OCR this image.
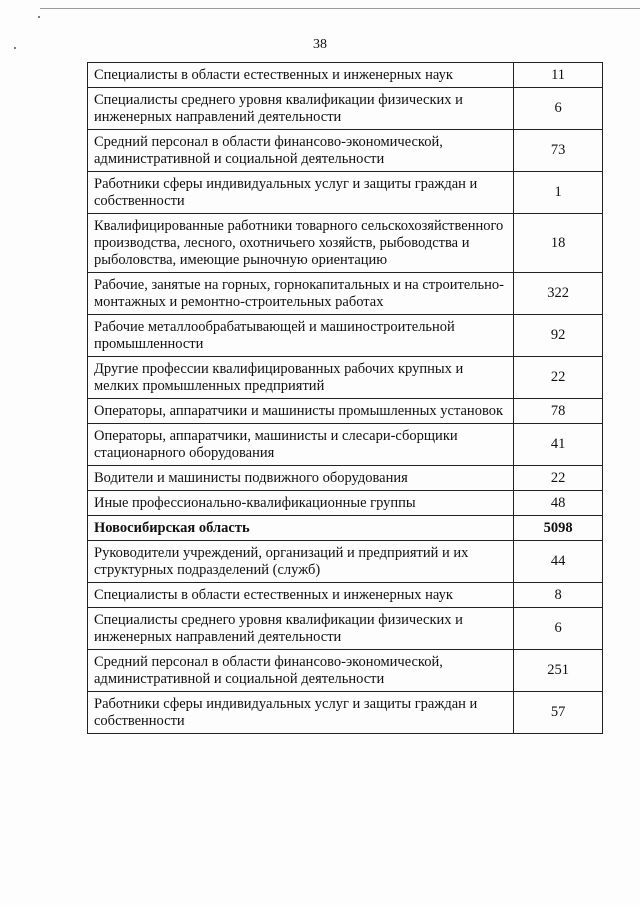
38
Специалисты в области естественных и инженерных наук	11
Специалисты среднего уровня квалификации физических и инженерных направлений деятельности	6
Средний персонал в области финансово-экономической, административной и социальной деятельности	73
Работники сферы индивидуальных услуг и защиты граждан и собственности	1
Квалифицированные работники товарного сельскохозяйственного производства, лесного, охотничьего хозяйств, рыбоводства и рыболовства, имеющие рыночную ориентацию	18
Рабочие, занятые на горных, горнокапитальных и на строительно-монтажных и ремонтно-строительных работах	322
Рабочие металлообрабатывающей и машиностроительной промышленности	92
Другие профессии квалифицированных рабочих крупных и мелких промышленных предприятий	22
Операторы, аппаратчики и машинисты промышленных установок	78
Операторы, аппаратчики, машинисты и слесари-сборщики стационарного оборудования	41
Водители и машинисты подвижного оборудования	22
Иные профессионально-квалификационные группы	48
Новосибирская область	5098
Руководители учреждений, организаций и предприятий и их структурных подразделений (служб)	44
Специалисты в области естественных и инженерных наук	8
Специалисты среднего уровня квалификации физических и инженерных направлений деятельности	6
Средний персонал в области финансово-экономической, административной и социальной деятельности	251
Работники сферы индивидуальных услуг и защиты граждан и собственности	57
